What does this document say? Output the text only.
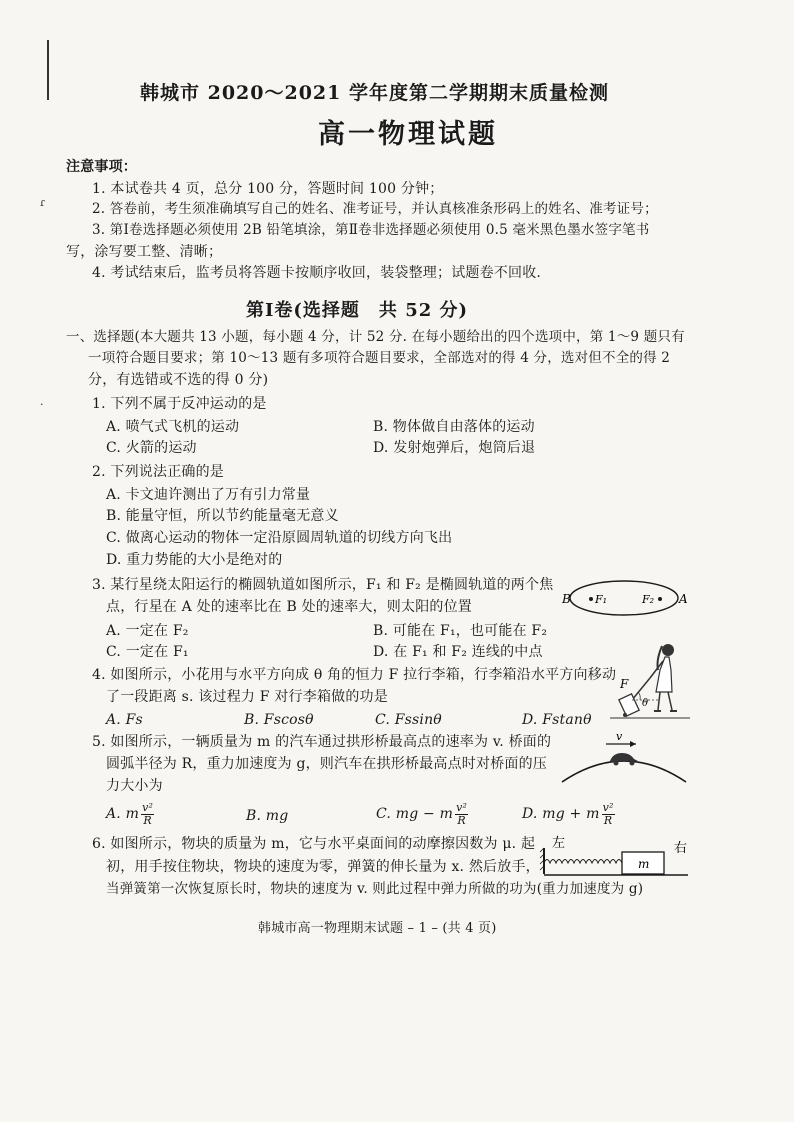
ɾ
·
韩城市 2020～2021 学年度第二学期期末质量检测
高一物理试题
注意事项：
1. 本试卷共 4 页，总分 100 分，答题时间 100 分钟；
2. 答卷前，考生须准确填写自己的姓名、准考证号，并认真核准条形码上的姓名、准考证号；
3. 第Ⅰ卷选择题必须使用 2B 铅笔填涂，第Ⅱ卷非选择题必须使用 0.5 毫米黑色墨水签字笔书
写，涂写要工整、清晰；
4. 考试结束后，监考员将答题卡按顺序收回，装袋整理；试题卷不回收.
第Ⅰ卷(选择题　共 52 分)
一、选择题(本大题共 13 小题，每小题 4 分，计 52 分. 在每小题给出的四个选项中，第 1～9 题只有
一项符合题目要求；第 10～13 题有多项符合题目要求，全部选对的得 4 分，选对但不全的得 2
分，有选错或不选的得 0 分)
1. 下列不属于反冲运动的是
A. 喷气式飞机的运动	B. 物体做自由落体的运动
C. 火箭的运动	D. 发射炮弹后，炮筒后退
2. 下列说法正确的是
A. 卡文迪许测出了万有引力常量
B. 能量守恒，所以节约能量毫无意义
C. 做离心运动的物体一定沿原圆周轨道的切线方向飞出
D. 重力势能的大小是绝对的
3. 某行星绕太阳运行的椭圆轨道如图所示，F₁ 和 F₂ 是椭圆轨道的两个焦
点，行星在 A 处的速率比在 B 处的速率大，则太阳的位置
A. 一定在 F₂	B. 可能在 F₁，也可能在 F₂
C. 一定在 F₁	D. 在 F₁ 和 F₂ 连线的中点
B F₁	F₂ A
4. 如图所示，小花用与水平方向成 θ 角的恒力 F 拉行李箱，行李箱沿水平方向移动
了一段距离 s. 该过程力 F 对行李箱做的功是
A. Fs	B. Fscosθ	C. Fssinθ	D. Fstanθ
F
θ
5. 如图所示，一辆质量为 m 的汽车通过拱形桥最高点的速率为 v. 桥面的
圆弧半径为 R，重力加速度为 g，则汽车在拱形桥最高点时对桥面的压
力大小为
A. m $\frac{\text{v²}}{R}$	B. mg	C. mg − m $\frac{\text{v²}}{R}$	D. mg + m $\frac{\text{v²}}{R}$
v
6. 如图所示，物块的质量为 m，它与水平桌面间的动摩擦因数为 μ. 起
初，用手按住物块，物块的速度为零，弹簧的伸长量为 x. 然后放手，
当弹簧第一次恢复原长时，物块的速度为 v. 则此过程中弹力所做的功为(重力加速度为 g)
左	右
m
韩城市高一物理期末试题 – 1 – (共 4 页)
